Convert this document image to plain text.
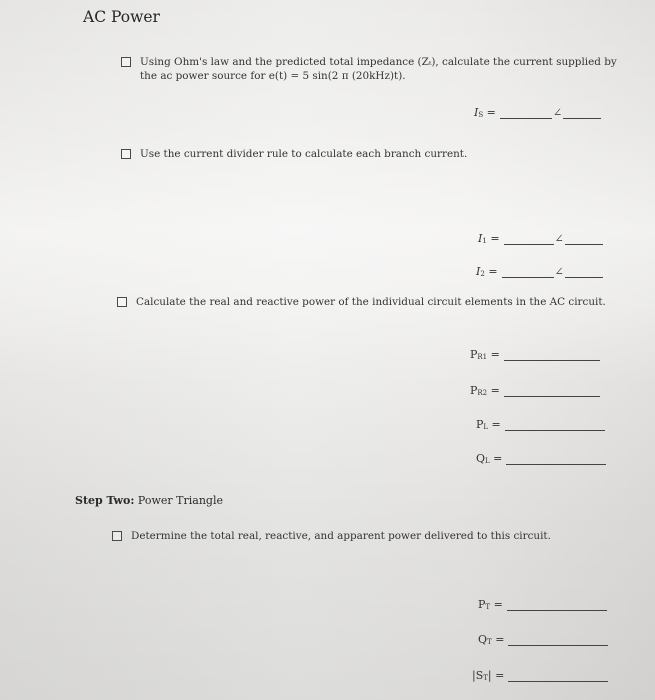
AC Power
Using Ohm's law and the predicted total impedance (Zₜ), calculate the current supplied by
the ac power source for e(t) = 5 sin(2 π (20kHz)t).
$I_S$ =	∠
Use the current divider rule to calculate each branch current.
$I_1$ =	∠
$I_2$ =	∠
Calculate the real and reactive power of the individual circuit elements in the AC circuit.
$P_{R1}$ =
$P_{R2}$ =
$P_L$ =
$Q_L$ =
Step Two: Power Triangle
Determine the total real, reactive, and apparent power delivered to this circuit.
$P_T$ =
$Q_T$ =
$|S_T|$ =
